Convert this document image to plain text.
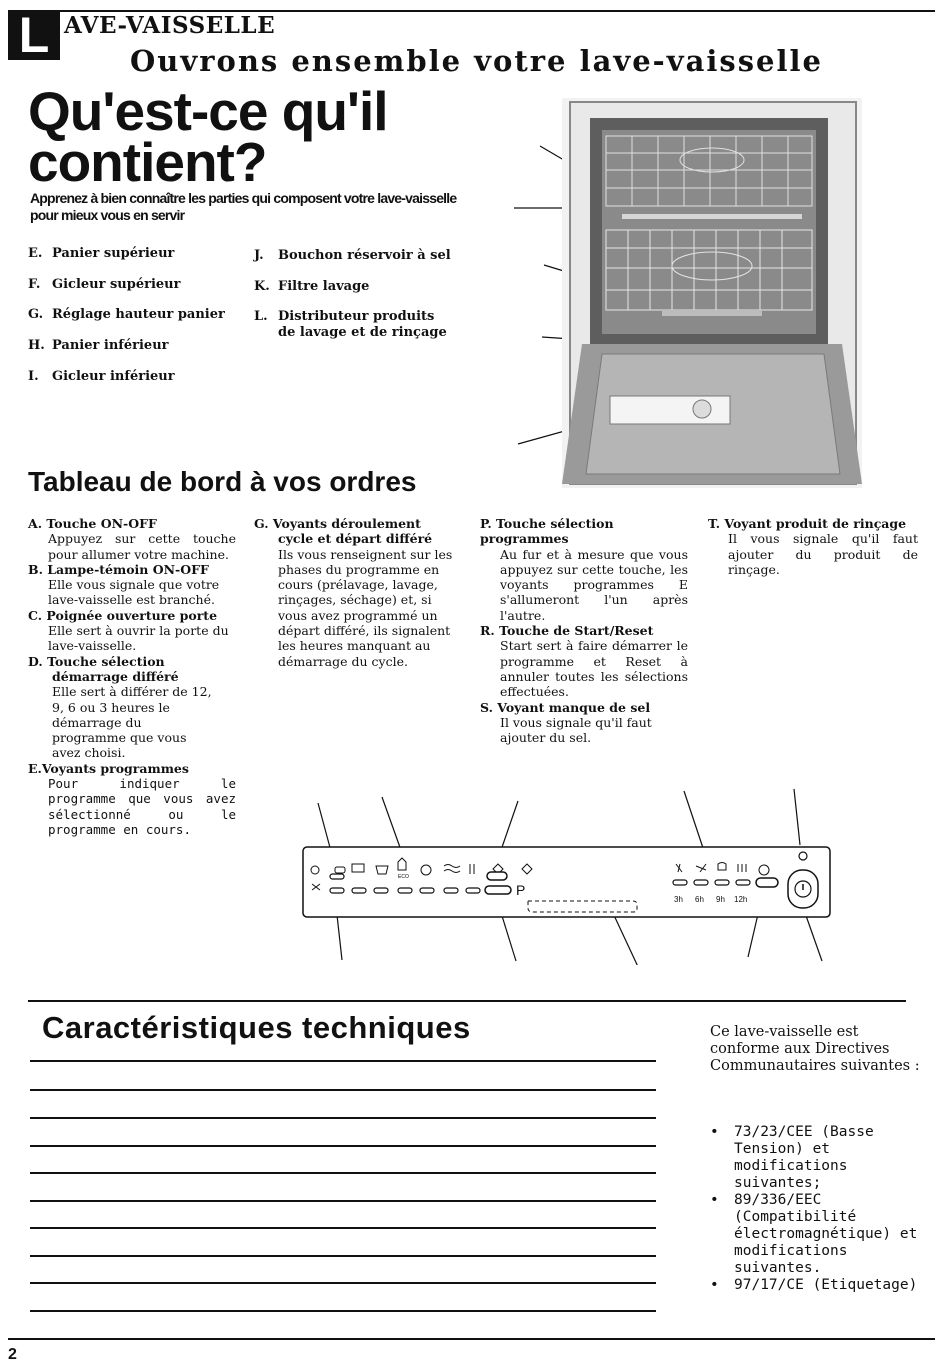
L AVE-VAISSELLE
Ouvrons ensemble votre lave-vaisselle
Qu'est-ce qu'il
contient?
Apprenez à bien connaître les parties qui composent votre lave-vaisselle pour mieux vous en servir
E. Panier supérieur
F. Gicleur supérieur
G. Réglage hauteur panier
H. Panier inférieur
I. Gicleur inférieur
J. Bouchon réservoir à sel
K. Filtre lavage
L. Distributeur produits de lavage et de rinçage
Tableau de bord à vos ordres
A. Touche ON-OFF
Appuyez sur cette touche pour allumer votre machine.
B. Lampe-témoin ON-OFF
Elle vous signale que votre lave-vaisselle est branché.
C. Poignée ouverture porte
Elle sert à ouvrir la porte du lave-vaisselle.
D. Touche sélection
démarrage différé
Elle sert à différer de 12, 9, 6 ou 3 heures le démarrage du programme que vous avez choisi.
E.Voyants programmes
Pour indiquer le programme que vous avez sélectionné ou le programme en cours.
G. Voyants déroulement
cycle et départ différé
Ils vous renseignent sur les phases du programme en cours (prélavage, lavage, rinçages, séchage) et, si vous avez programmé un départ différé, ils signalent les heures manquant au démarrage du cycle.
P. Touche sélection programmes
Au fur et à mesure que vous appuyez sur cette touche, les voyants programmes E s'allumeront l'un après l'autre.
R. Touche de Start/Reset
Start sert à faire démarrer le programme et Reset à annuler toutes les sélections effectuées.
S. Voyant manque de sel
Il vous signale qu'il faut ajouter du sel.
T. Voyant produit de rinçage
Il vous signale qu'il faut ajouter du produit de rinçage.
ECO
P
3h 6h 9h 12h
Caractéristiques techniques	Ce lave-vaisselle est conforme aux Directives Communautaires suivantes :
•	73/23/CEE (Basse Tension) et modifications suivantes;
•	89/336/EEC (Compatibilité électromagnétique) et modifications suivantes.
•	97/17/CE (Etiquetage)
2
